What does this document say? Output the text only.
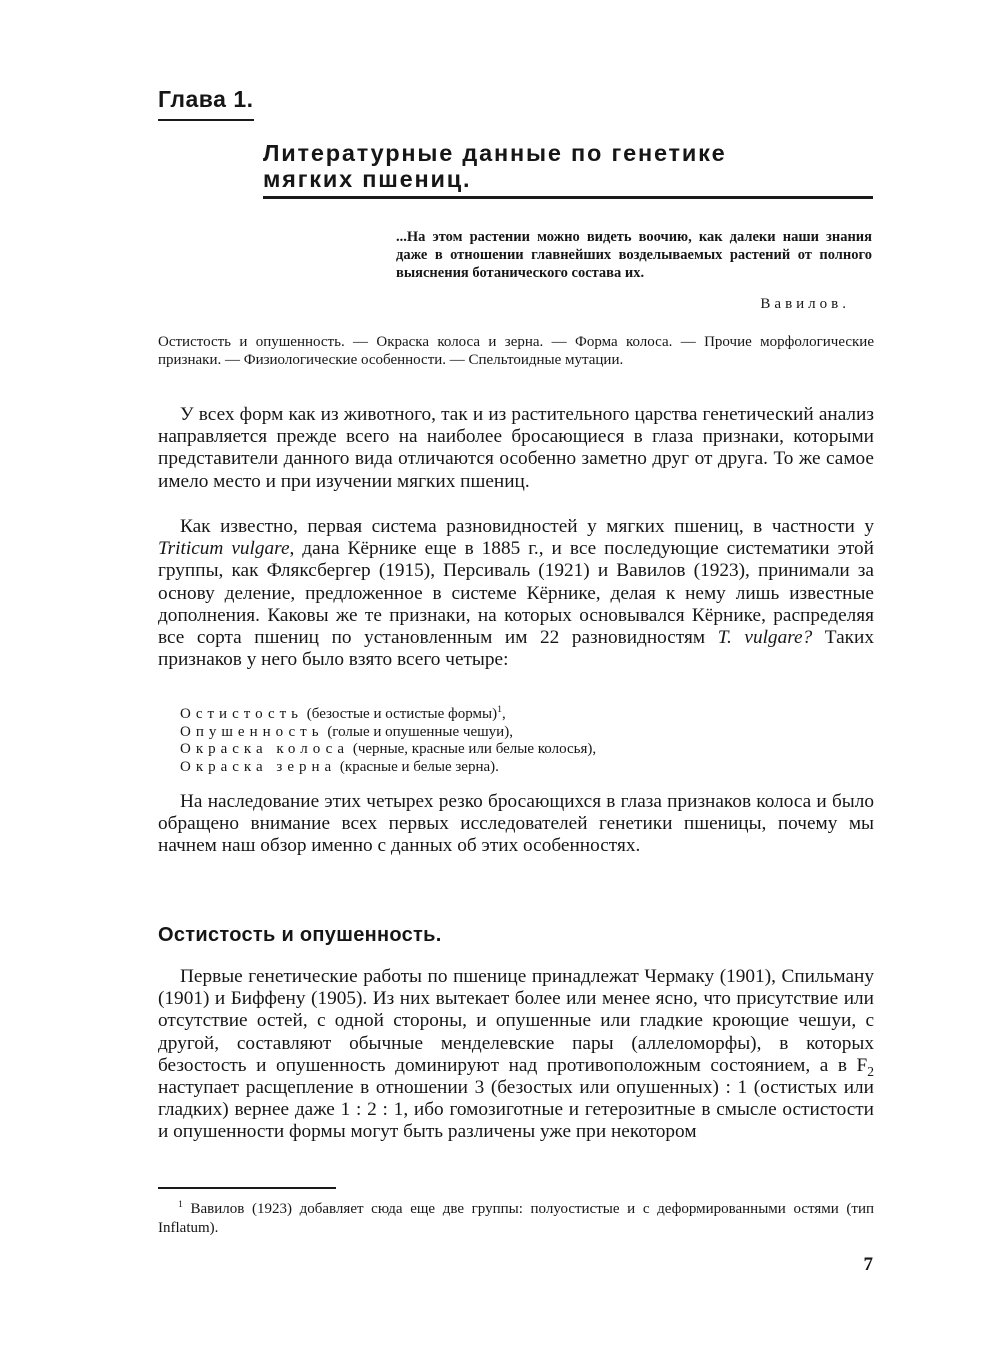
Глава 1.
Литературные данные по генетике
мягких пшениц.
...На этом растении можно видеть воочию, как далеки наши знания даже в отношении главнейших возделываемых растений от полного выяснения ботанического состава их.
Вавилов.
Остистость и опушенность. — Окраска колоса и зерна. — Форма колоса. — Прочие морфологические признаки. — Физиологические особенности. — Спельтоидные мутации.

У всех форм как из животного, так и из растительного царства генетический анализ направляется прежде всего на наиболее бросающиеся в глаза признаки, которыми представители данного вида отличаются особенно заметно друг от друга. То же самое имело место и при изучении мягких пшениц.

Как известно, первая система разновидностей у мягких пшениц, в частности у Triticum vulgare, дана Кёрнике еще в 1885 г., и все последующие систематики этой группы, как Фляксбергер (1915), Персиваль (1921) и Вавилов (1923), принимали за основу деление, предложенное в системе Кёрнике, делая к нему лишь известные дополнения. Каковы же те признаки, на которых основывался Кёрнике, распределяя все сорта пшениц по установленным им 22 разновидностям T. vulgare? Таких признаков у него было взято всего четыре:

Остистость (безостые и остистые формы)$^1$,
Опушенность (голые и опушенные чешуи),
Окраска колоса (черные, красные или белые колосья),
Окраска зерна (красные и белые зерна).

На наследование этих четырех резко бросающихся в глаза признаков колоса и было обращено внимание всех первых исследователей генетики пшеницы, почему мы начнем наш обзор именно с данных об этих особенностях.

Остистость и опушенность.

Первые генетические работы по пшенице принадлежат Чермаку (1901), Спильману (1901) и Биффену (1905). Из них вытекает более или менее ясно, что присутствие или отсутствие остей, с одной стороны, и опушенные или гладкие кроющие чешуи, с другой, составляют обычные менделевские пары (аллеломорфы), в которых безостость и опушенность доминируют над противоположным состоянием, а в $F_2$ наступает расщепление в отношении 3 (безостых или опушенных) : 1 (остистых или гладких) вернее даже 1 : 2 : 1, ибо гомозиготные и гетерозитные в смысле остистости и опушенности формы могут быть различены уже при некотором

$^1$ Вавилов (1923) добавляет сюда еще две группы: полуостистые и с деформированными остями (тип Inflatum).
7
